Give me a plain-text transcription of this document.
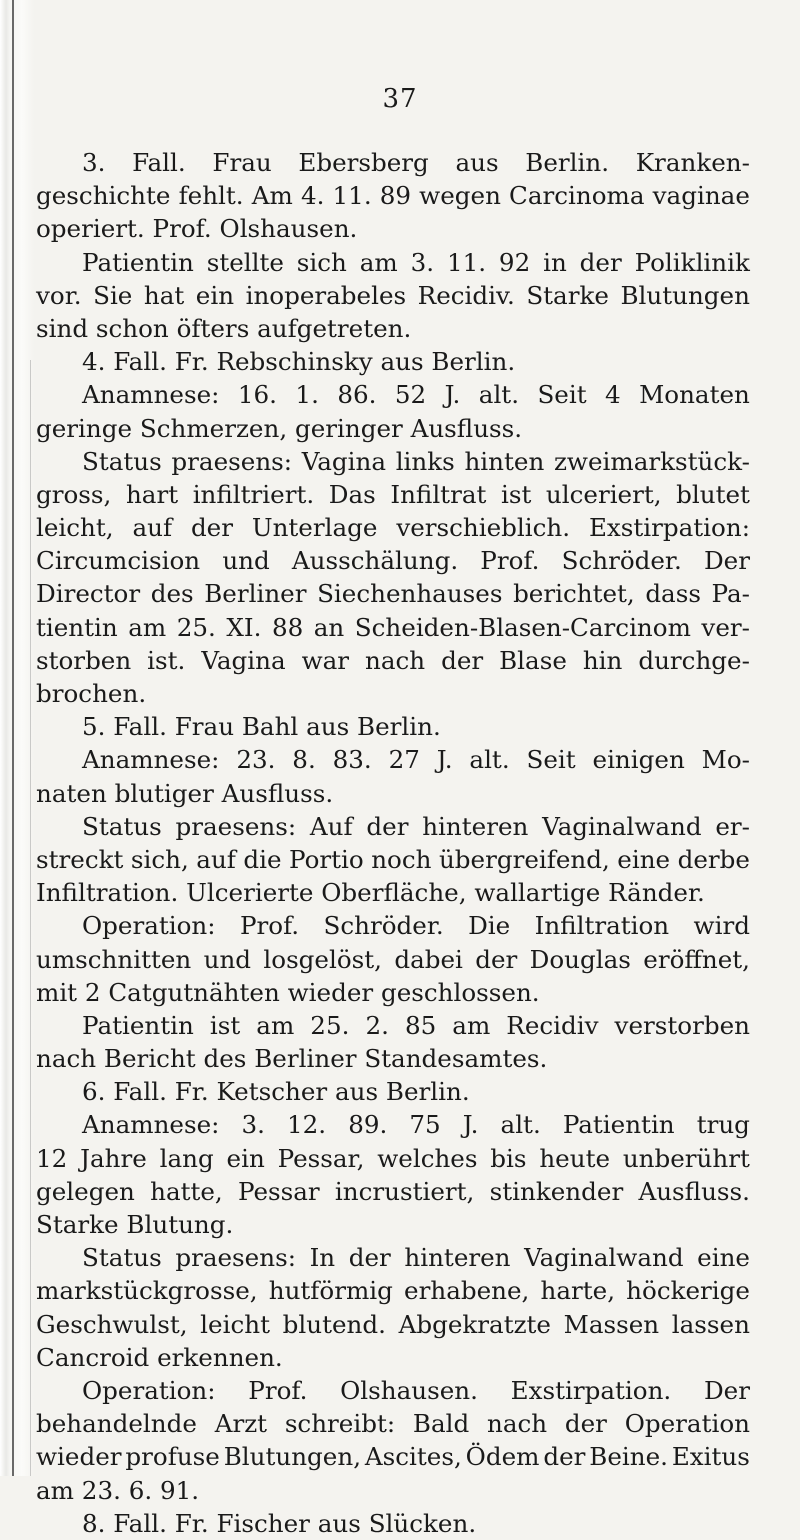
37
3. Fall. Frau Ebersberg aus Berlin. Kranken-
geschichte fehlt. Am 4. 11. 89 wegen Carcinoma vaginae
operiert. Prof. Olshausen.
Patientin stellte sich am 3. 11. 92 in der Poliklinik
vor. Sie hat ein inoperabeles Recidiv. Starke Blutungen
sind schon öfters aufgetreten.
4. Fall. Fr. Rebschinsky aus Berlin.
Anamnese: 16. 1. 86. 52 J. alt. Seit 4 Monaten
geringe Schmerzen, geringer Ausfluss.
Status praesens: Vagina links hinten zweimarkstück-
gross, hart infiltriert. Das Infiltrat ist ulceriert, blutet
leicht, auf der Unterlage verschieblich. Exstirpation:
Circumcision und Ausschälung. Prof. Schröder. Der
Director des Berliner Siechenhauses berichtet, dass Pa-
tientin am 25. XI. 88 an Scheiden-Blasen-Carcinom ver-
storben ist. Vagina war nach der Blase hin durchge-
brochen.
5. Fall. Frau Bahl aus Berlin.
Anamnese: 23. 8. 83. 27 J. alt. Seit einigen Mo-
naten blutiger Ausfluss.
Status praesens: Auf der hinteren Vaginalwand er-
streckt sich, auf die Portio noch übergreifend, eine derbe
Infiltration. Ulcerierte Oberfläche, wallartige Ränder.
Operation: Prof. Schröder. Die Infiltration wird
umschnitten und losgelöst, dabei der Douglas eröffnet,
mit 2 Catgutnähten wieder geschlossen.
Patientin ist am 25. 2. 85 am Recidiv verstorben
nach Bericht des Berliner Standesamtes.
6. Fall. Fr. Ketscher aus Berlin.
Anamnese: 3. 12. 89. 75 J. alt. Patientin trug
12 Jahre lang ein Pessar, welches bis heute unberührt
gelegen hatte, Pessar incrustiert, stinkender Ausfluss.
Starke Blutung.
Status praesens: In der hinteren Vaginalwand eine
markstückgrosse, hutförmig erhabene, harte, höckerige
Geschwulst, leicht blutend. Abgekratzte Massen lassen
Cancroid erkennen.
Operation: Prof. Olshausen. Exstirpation. Der
behandelnde Arzt schreibt: Bald nach der Operation
wieder profuse Blutungen, Ascites, Ödem der Beine. Exitus
am 23. 6. 91.
8. Fall. Fr. Fischer aus Slücken.
